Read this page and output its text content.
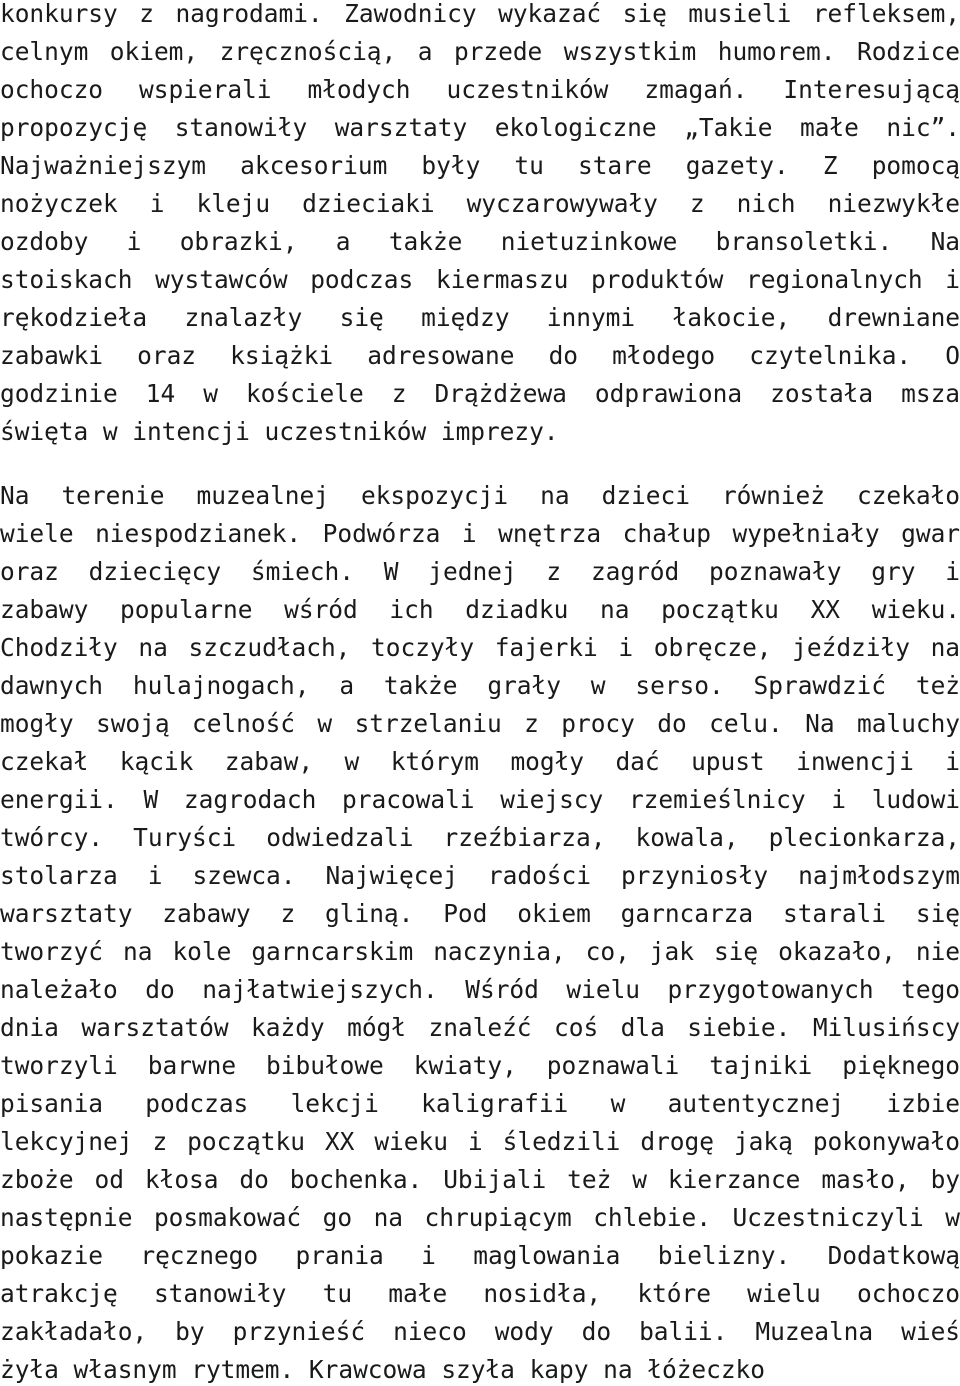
konkursy z nagrodami. Zawodnicy wykazać się musieli refleksem,
celnym okiem, zręcznością, a przede wszystkim humorem. Rodzice
ochoczo wspierali młodych uczestników zmagań. Interesującą
propozycję stanowiły warsztaty ekologiczne „Takie małe nic”.
Najważniejszym akcesorium były tu stare gazety. Z pomocą
nożyczek i kleju dzieciaki wyczarowywały z nich niezwykłe
ozdoby i obrazki, a także nietuzinkowe bransoletki. Na
stoiskach wystawców podczas kiermaszu produktów regionalnych i
rękodzieła znalazły się między innymi łakocie, drewniane
zabawki oraz książki adresowane do młodego czytelnika. O
godzinie 14 w kościele z Drążdżewa odprawiona została msza
święta w intencji uczestników imprezy.
Na terenie muzealnej ekspozycji na dzieci również czekało
wiele niespodzianek. Podwórza i wnętrza chałup wypełniały gwar
oraz dziecięcy śmiech. W jednej z zagród poznawały gry i
zabawy popularne wśród ich dziadku na początku XX wieku.
Chodziły na szczudłach, toczyły fajerki i obręcze, jeździły na
dawnych hulajnogach, a także grały w serso. Sprawdzić też
mogły swoją celność w strzelaniu z procy do celu. Na maluchy
czekał kącik zabaw, w którym mogły dać upust inwencji i
energii. W zagrodach pracowali wiejscy rzemieślnicy i ludowi
twórcy. Turyści odwiedzali rzeźbiarza, kowala, plecionkarza,
stolarza i szewca. Najwięcej radości przyniosły najmłodszym
warsztaty zabawy z gliną. Pod okiem garncarza starali się
tworzyć na kole garncarskim naczynia, co, jak się okazało, nie
należało do najłatwiejszych. Wśród wielu przygotowanych tego
dnia warsztatów każdy mógł znaleźć coś dla siebie. Milusińscy
tworzyli barwne bibułowe kwiaty, poznawali tajniki pięknego
pisania podczas lekcji kaligrafii w autentycznej izbie
lekcyjnej z początku XX wieku i śledzili drogę jaką pokonywało
zboże od kłosa do bochenka. Ubijali też w kierzance masło, by
następnie posmakować go na chrupiącym chlebie. Uczestniczyli w
pokazie ręcznego prania i maglowania bielizny. Dodatkową
atrakcję stanowiły tu małe nosidła, które wielu ochoczo
zakładało, by przynieść nieco wody do balii. Muzealna wieś
żyła własnym rytmem. Krawcowa szyła kapy na łóżeczko
